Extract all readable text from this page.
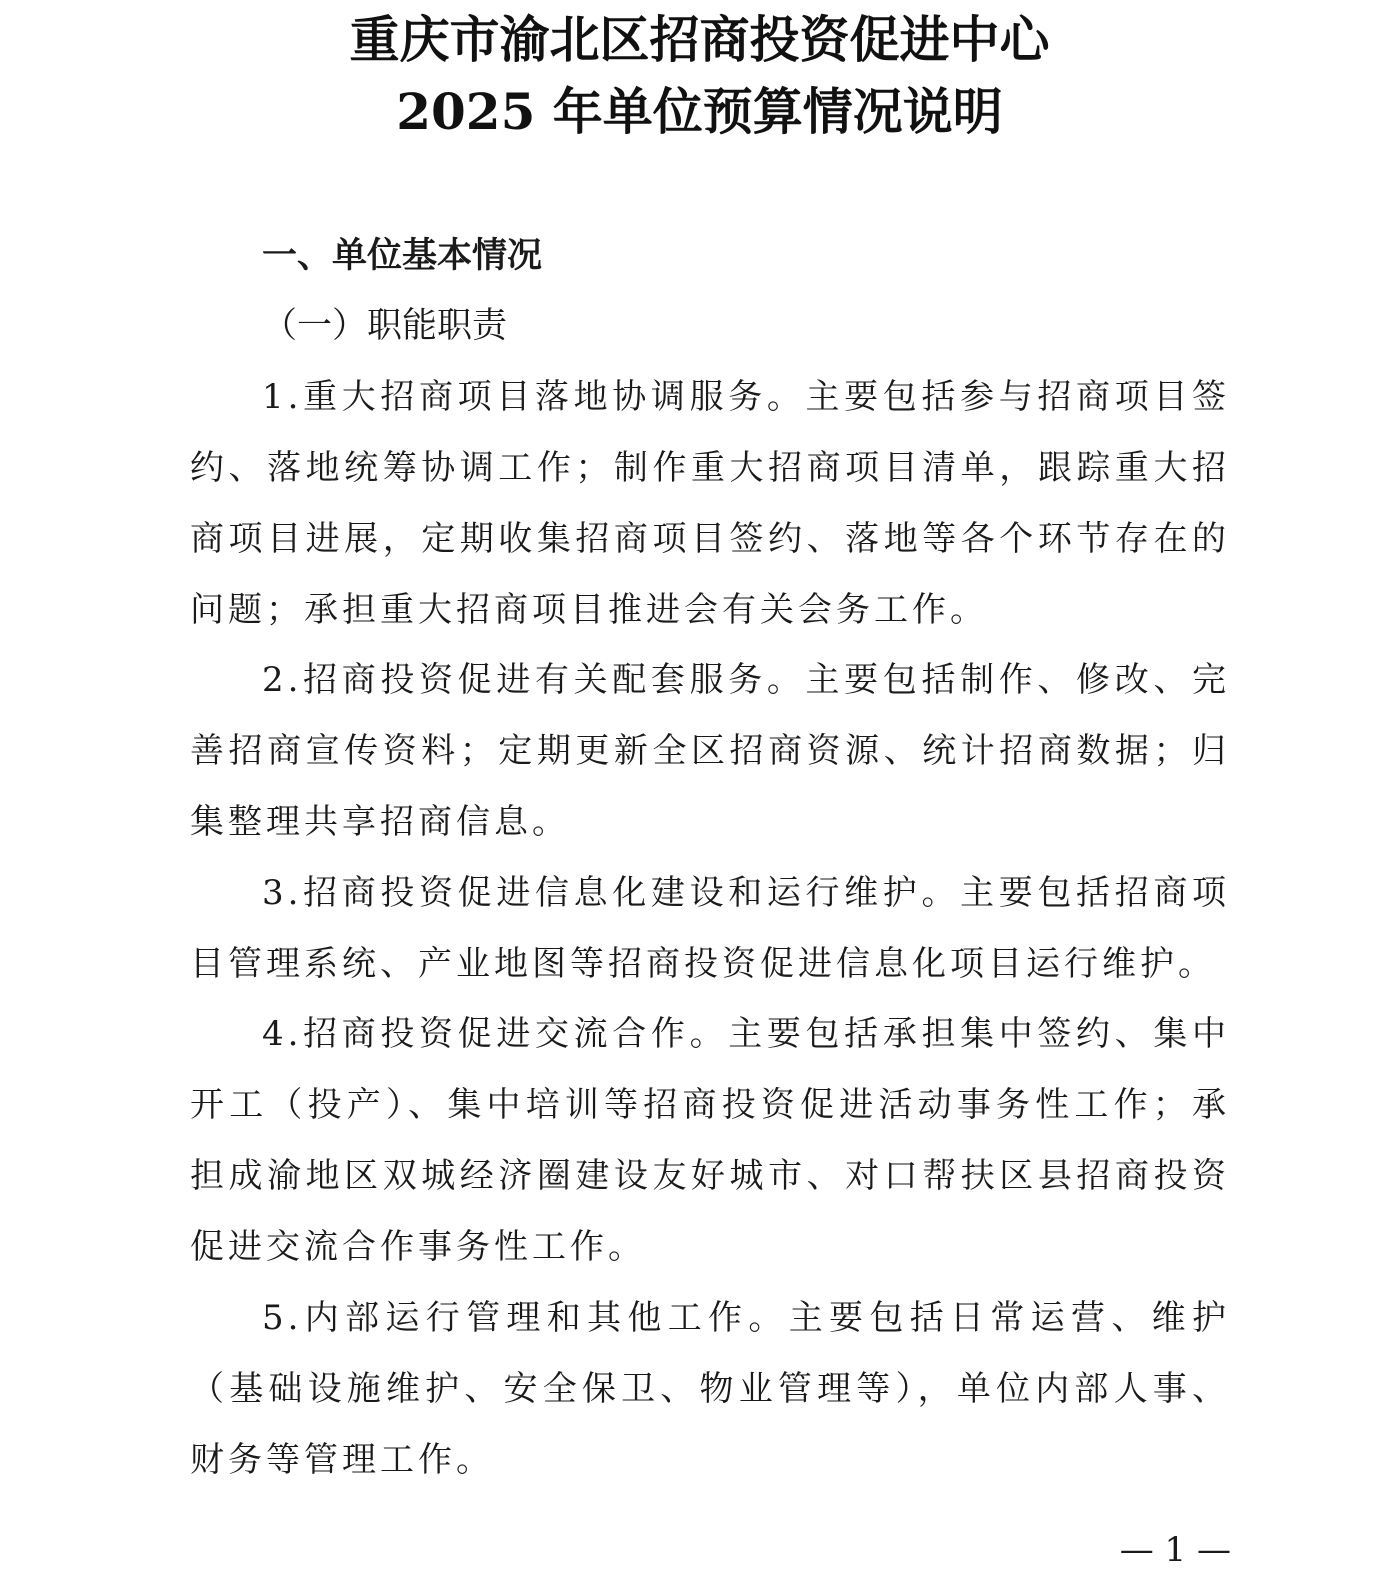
重庆市渝北区招商投资促进中心
2025 年单位预算情况说明
一、单位基本情况
（一）职能职责

1.重大招商项目落地协调服务。主要包括参与招商项目签约、落地统筹协调工作；制作重大招商项目清单，跟踪重大招商项目进展，定期收集招商项目签约、落地等各个环节存在的问题；承担重大招商项目推进会有关会务工作。

2.招商投资促进有关配套服务。主要包括制作、修改、完善招商宣传资料；定期更新全区招商资源、统计招商数据；归集整理共享招商信息。

3.招商投资促进信息化建设和运行维护。主要包括招商项目管理系统、产业地图等招商投资促进信息化项目运行维护。

4.招商投资促进交流合作。主要包括承担集中签约、集中开工（投产）、集中培训等招商投资促进活动事务性工作；承担成渝地区双城经济圈建设友好城市、对口帮扶区县招商投资促进交流合作事务性工作。

5.内部运行管理和其他工作。主要包括日常运营、维护（基础设施维护、安全保卫、物业管理等），单位内部人事、财务等管理工作。

— 1 —
